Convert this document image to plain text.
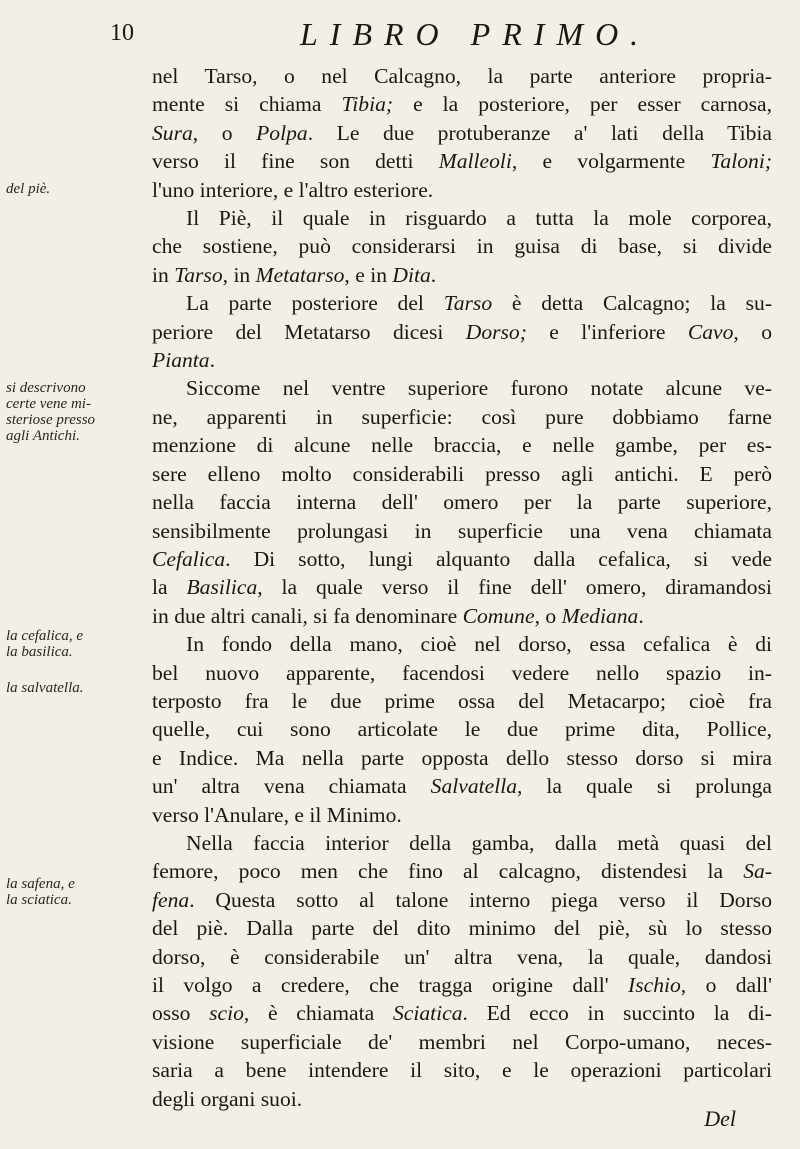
10	LIBRO PRIMO.
del piè.
si descrivono
certe vene mi-
steriose presso
agli Antichi.
la cefalica, e
la basilica.
la salvatella.
la safena, e
la sciatica.
nel Tarso, o nel Calcagno, la parte anteriore propria-
mente si chiama Tibia; e la posteriore, per esser carnosa,
Sura, o Polpa. Le due protuberanze a' lati della Tibia
verso il fine son detti Malleoli, e volgarmente Taloni;
l'uno interiore, e l'altro esteriore.
Il Piè, il quale in risguardo a tutta la mole corporea,
che sostiene, può considerarsi in guisa di base, si divide
in Tarso, in Metatarso, e in Dita.
La parte posteriore del Tarso è detta Calcagno; la su-
periore del Metatarso dicesi Dorso; e l'inferiore Cavo, o
Pianta.
Siccome nel ventre superiore furono notate alcune ve-
ne, apparenti in superficie: così pure dobbiamo farne
menzione di alcune nelle braccia, e nelle gambe, per es-
sere elleno molto considerabili presso agli antichi. E però
nella faccia interna dell' omero per la parte superiore,
sensibilmente prolungasi in superficie una vena chiamata
Cefalica. Di sotto, lungi alquanto dalla cefalica, si vede
la Basilica, la quale verso il fine dell' omero, diramandosi
in due altri canali, si fa denominare Comune, o Mediana.
In fondo della mano, cioè nel dorso, essa cefalica è di
bel nuovo apparente, facendosi vedere nello spazio in-
terposto fra le due prime ossa del Metacarpo; cioè fra
quelle, cui sono articolate le due prime dita, Pollice,
e Indice. Ma nella parte opposta dello stesso dorso si mira
un' altra vena chiamata Salvatella, la quale si prolunga
verso l'Anulare, e il Minimo.
Nella faccia interior della gamba, dalla metà quasi del
femore, poco men che fino al calcagno, distendesi la Sa-
fena. Questa sotto al talone interno piega verso il Dorso
del piè. Dalla parte del dito minimo del piè, sù lo stesso
dorso, è considerabile un' altra vena, la quale, dandosi
il volgo a credere, che tragga origine dall' Ischio, o dall'
osso scio, è chiamata Sciatica. Ed ecco in succinto la di-
visione superficiale de' membri nel Corpo-umano, neces-
saria a bene intendere il sito, e le operazioni particolari
degli organi suoi.
Del
